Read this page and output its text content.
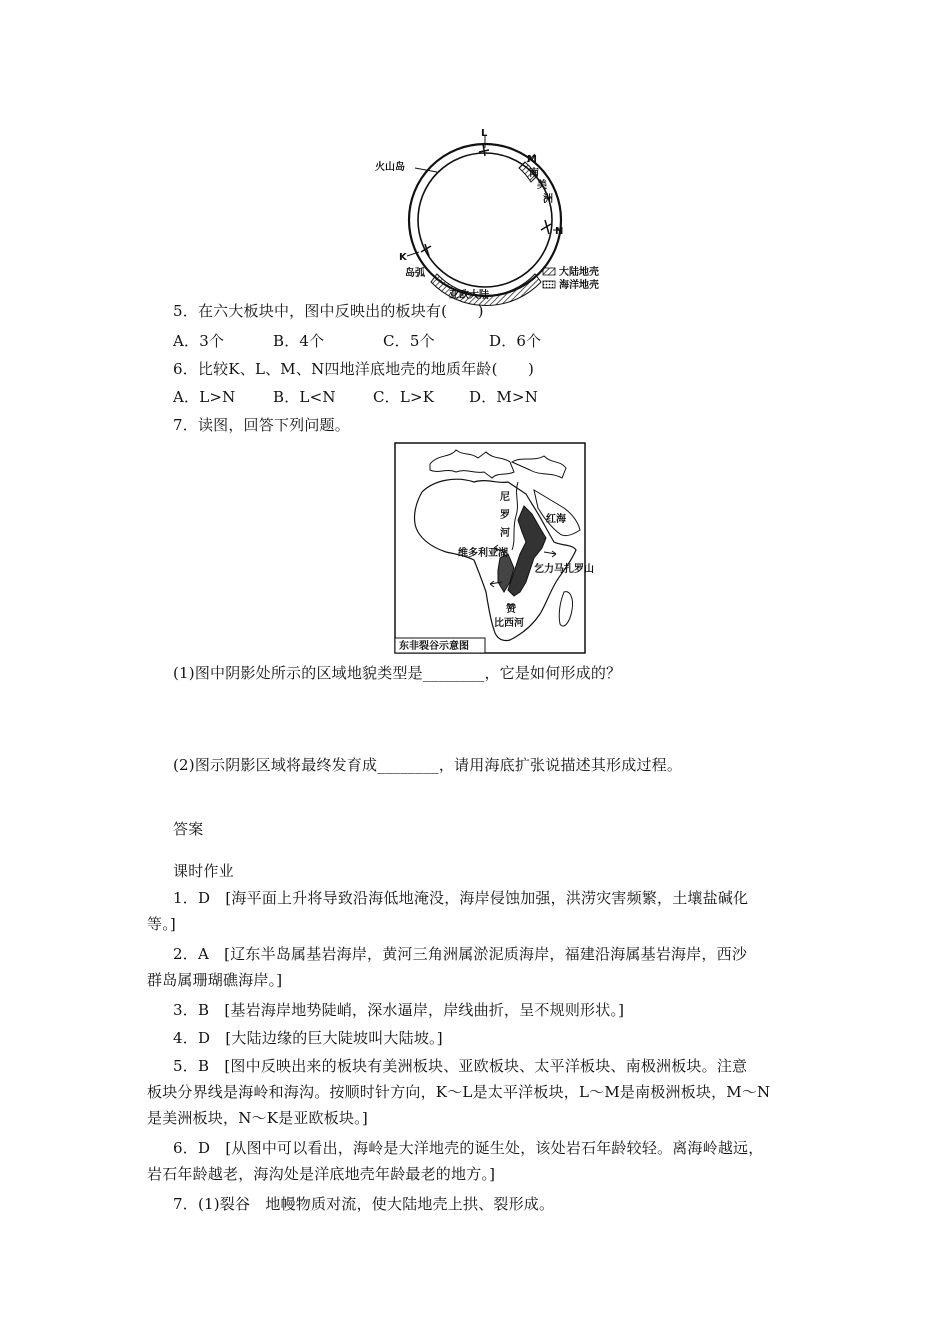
L
M
南
美
洲
N
K
火山岛
岛弧
亚欧大陆
大陆地壳
海洋地壳
5．在六大板块中，图中反映出的板块有(　　)
A．3个	B．4个	C．5个	D．6个
6．比较K、L、M、N四地洋底地壳的地质年龄(　　)
A．L>N	B．L<N C．L>K D．M>N
7．读图，回答下列问题。
尼
罗
河
红海
维多利亚湖
乞力马扎罗山
赞
比西河
东非裂谷示意图
(1)图中阴影处所示的区域地貌类型是________，它是如何形成的？
(2)图示阴影区域将最终发育成________，请用海底扩张说描述其形成过程。
答案
课时作业
1．D　[海平面上升将导致沿海低地淹没，海岸侵蚀加强，洪涝灾害频繁，土壤盐碱化
等。]
2．A　[辽东半岛属基岩海岸，黄河三角洲属淤泥质海岸，福建沿海属基岩海岸，西沙
群岛属珊瑚礁海岸。]
3．B　[基岩海岸地势陡峭，深水逼岸，岸线曲折，呈不规则形状。]
4．D　[大陆边缘的巨大陡坡叫大陆坡。]
5．B　[图中反映出来的板块有美洲板块、亚欧板块、太平洋板块、南极洲板块。注意
板块分界线是海岭和海沟。按顺时针方向，K～L是太平洋板块，L～M是南极洲板块，M～N
是美洲板块，N～K是亚欧板块。]
6．D　[从图中可以看出，海岭是大洋地壳的诞生处，该处岩石年龄较轻。离海岭越远，
岩石年龄越老，海沟处是洋底地壳年龄最老的地方。]
7．(1)裂谷　地幔物质对流，使大陆地壳上拱、裂形成。
